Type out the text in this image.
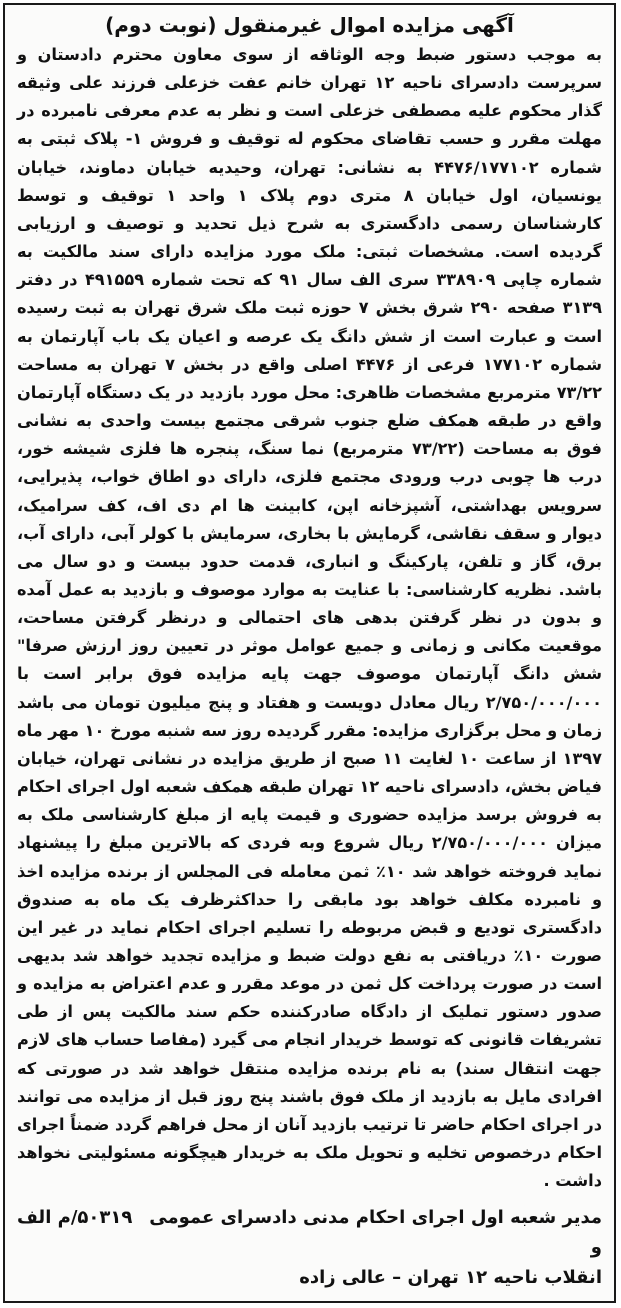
آگهی مزایده اموال غیرمنقول (نوبت دوم)

به موجب دستور ضبط وجه الوثاقه از سوی معاون محترم دادستان و سرپرست دادسرای ناحیه ۱۲ تهران خانم عفت خزعلی فرزند علی وثیقه گذار محکوم علیه مصطفی خزعلی است و نظر به عدم معرفی نامبرده در مهلت مقرر و حسب تقاضای محکوم له توقیف و فروش ۱- پلاک ثبتی به شماره ۴۴۷۶/۱۷۷۱۰۲ به نشانی: تهران، وحیدیه خیابان دماوند، خیابان یونسیان، اول خیابان ۸ متری دوم پلاک ۱ واحد ۱ توقیف و توسط کارشناسان رسمی دادگستری به شرح ذیل تحدید و توصیف و ارزیابی گردیده است. مشخصات ثبتی: ملک مورد مزایده دارای سند مالکیت به شماره چاپی ۳۳۸۹۰۹ سری الف سال ۹۱ که تحت شماره ۴۹۱۵۵۹ در دفتر ۳۱۳۹ صفحه ۲۹۰ شرق بخش ۷ حوزه ثبت ملک شرق تهران به ثبت رسیده است و عبارت است از شش دانگ یک عرصه و اعیان یک باب آپارتمان به شماره ۱۷۷۱۰۲ فرعی از ۴۴۷۶ اصلی واقع در بخش ۷ تهران به مساحت ۷۳/۲۲ مترمربع مشخصات ظاهری: محل مورد بازدید در یک دستگاه آپارتمان واقع در طبقه همکف ضلع جنوب شرقی مجتمع بیست واحدی به نشانی فوق به مساحت (۷۳/۲۲ مترمربع) نما سنگ، پنجره ها فلزی شیشه خور، درب ها چوبی درب ورودی مجتمع فلزی، دارای دو اطاق خواب، پذیرایی، سرویس بهداشتی، آشپزخانه اپن، کابینت ها ام دی اف، کف سرامیک، دیوار و سقف نقاشی، گرمایش با بخاری، سرمایش با کولر آبی، دارای آب، برق، گاز و تلفن، پارکینگ و انباری، قدمت حدود بیست و دو سال می باشد. نظریه کارشناسی: با عنایت به موارد موصوف و بازدید به عمل آمده و بدون در نظر گرفتن بدهی های احتمالی و درنظر گرفتن مساحت، موقعیت مکانی و زمانی و جمیع عوامل موثر در تعیین روز ارزش صرفا" شش دانگ آپارتمان موصوف جهت پایه مزایده فوق برابر است با ۲/۷۵۰/۰۰۰/۰۰۰ ریال معادل دویست و هفتاد و پنج میلیون تومان می باشد زمان و محل برگزاری مزایده: مقرر گردیده روز سه شنبه مورخ ۱۰ مهر ماه ۱۳۹۷ از ساعت ۱۰ لغایت ۱۱ صبح از طریق مزایده در نشانی تهران، خیابان فیاض بخش، دادسرای ناحیه ۱۲ تهران طبقه همکف شعبه اول اجرای احکام به فروش برسد مزایده حضوری و قیمت پایه از مبلغ کارشناسی ملک به میزان ۲/۷۵۰/۰۰۰/۰۰۰ ریال شروع وبه فردی که بالاترین مبلغ را پیشنهاد نماید فروخته خواهد شد ۱۰٪ ثمن معامله فی المجلس از برنده مزایده اخذ و نامبرده مکلف خواهد بود مابقی را حداکثرظرف یک ماه به صندوق دادگستری تودیع و قبض مربوطه را تسلیم اجرای احکام نماید در غیر این صورت ۱۰٪ دریافتی به نفع دولت ضبط و مزایده تجدید خواهد شد بدیهی است در صورت پرداخت کل ثمن در موعد مقرر و عدم اعتراض به مزایده و صدور دستور تملیک از دادگاه صادرکننده حکم سند مالکیت پس از طی تشریفات قانونی که توسط خریدار انجام می گیرد (مفاصا حساب های لازم جهت انتقال سند) به نام برنده مزایده منتقل خواهد شد در صورتی که افرادی مایل به بازدید از ملک فوق باشند پنج روز قبل از مزایده می توانند در اجرای احکام حاضر تا ترتیب بازدید آنان از محل فراهم گردد ضمناً اجرای احکام درخصوص تخلیه و تحویل ملک به خریدار هیچگونه مسئولیتی نخواهد داشت .

مدیر شعبه اول اجرای احکام مدنی دادسرای عمومی و
۵۰۳۱۹/م الف
انقلاب ناحیه ۱۲ تهران – عالی زاده
